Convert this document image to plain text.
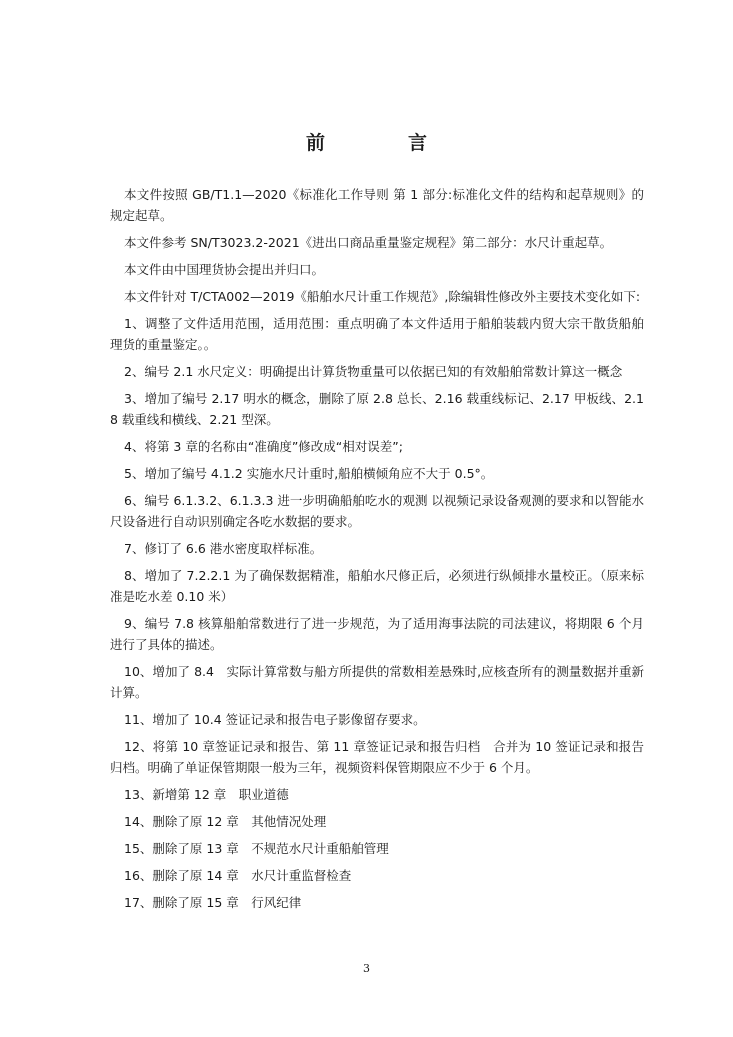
前　言

本文件按照 GB/T1.1—2020《标准化工作导则 第 1 部分:标准化文件的结构和起草规则》的规定起草。

本文件参考 SN/T3023.2-2021《进出口商品重量鉴定规程》第二部分：水尺计重起草。

本文件由中国理货协会提出并归口。

本文件针对 T/CTA002—2019《船舶水尺计重工作规范》,除编辑性修改外主要技术变化如下:

1、调整了文件适用范围，适用范围：重点明确了本文件适用于船舶装载内贸大宗干散货船舶理货的重量鉴定。。

2、编号 2.1 水尺定义：明确提出计算货物重量可以依据已知的有效船舶常数计算这一概念

3、增加了编号 2.17 明水的概念，删除了原 2.8 总长、2.16 载重线标记、2.17 甲板线、2.18 载重线和横线、2.21 型深。

4、将第 3 章的名称由“准确度”修改成“相对误差”;

5、增加了编号 4.1.2 实施水尺计重时,船舶横倾角应不大于 0.5°。

6、编号 6.1.3.2、6.1.3.3 进一步明确船舶吃水的观测 以视频记录设备观测的要求和以智能水尺设备进行自动识别确定各吃水数据的要求。

7、修订了 6.6 港水密度取样标准。

8、增加了 7.2.2.1 为了确保数据精准，船舶水尺修正后，必须进行纵倾排水量校正。（原来标准是吃水差 0.10 米）

9、编号 7.8 核算船舶常数进行了进一步规范，为了适用海事法院的司法建议，将期限 6 个月进行了具体的描述。

10、增加了 8.4　实际计算常数与船方所提供的常数相差悬殊时,应核查所有的测量数据并重新计算。

11、增加了 10.4 签证记录和报告电子影像留存要求。

12、将第 10 章签证记录和报告、第 11 章签证记录和报告归档　合并为 10 签证记录和报告归档。明确了单证保管期限一般为三年，视频资料保管期限应不少于 6 个月。

13、新增第 12 章　职业道德

14、删除了原 12 章　其他情况处理

15、删除了原 13 章　不规范水尺计重船舶管理

16、删除了原 14 章　水尺计重监督检查

17、删除了原 15 章　行风纪律

3
